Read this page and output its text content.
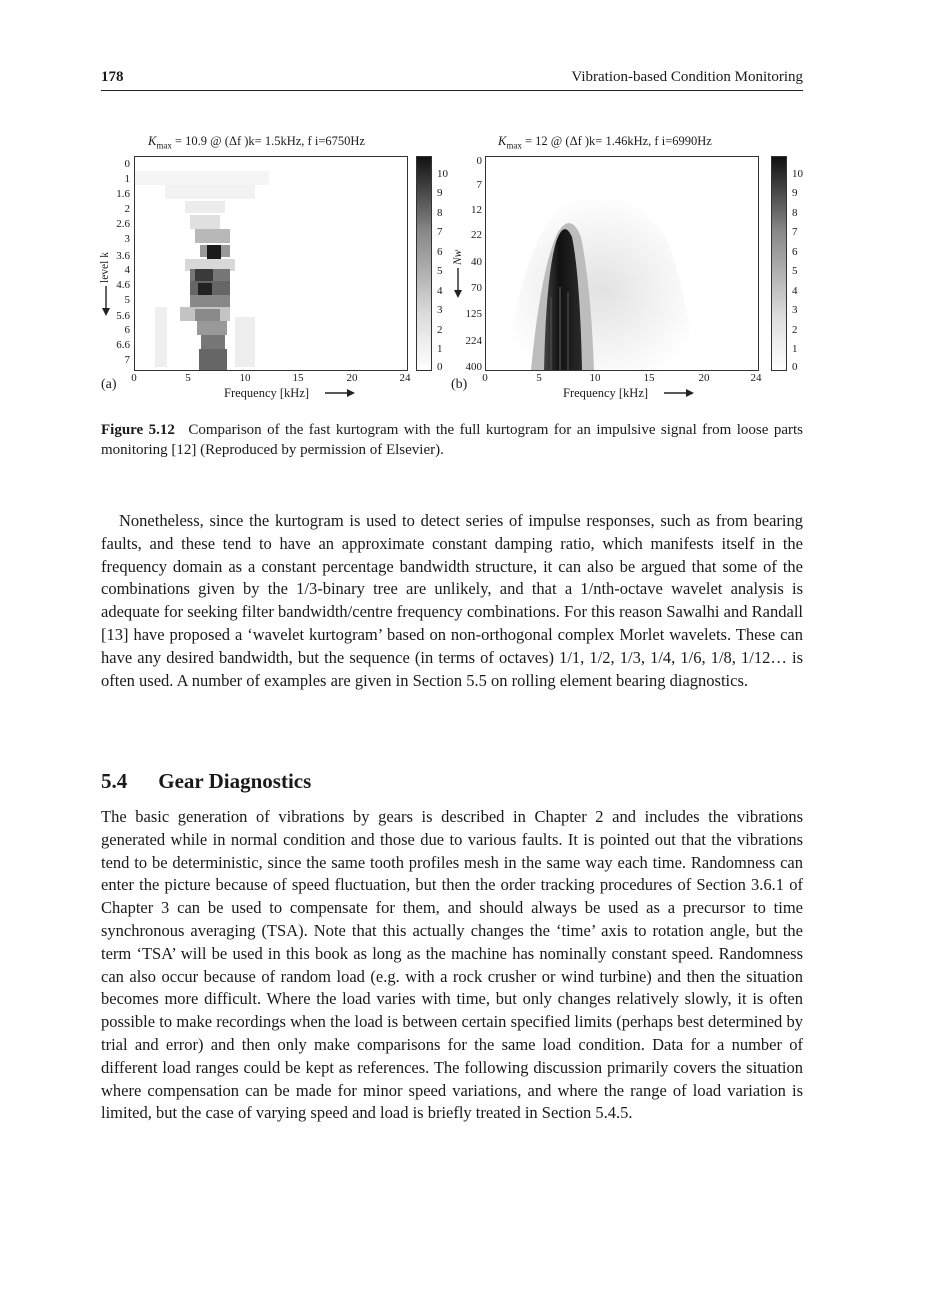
178	Vibration-based Condition Monitoring
$K_{max} = 10.9$ @ (Δf )k= 1.5kHz, f i=6750Hz
0
1
1.6
2
2.6
3
3.6
4
4.6
5
5.6
6
6.6
7
level k
0	5	10	15	20	24
Frequency [kHz]
(a)
10
9
8
7
6
5
4
3
2
1
0
$K_{max} = 12$ @ (Δf )k= 1.46kHz, f i=6990Hz
0
7
12
22
40
70
125
224
400
Nw
0	5	10	15	20	24
Frequency [kHz]
(b)
10
9
8
7
6
5
4
3
2
1
0
Figure 5.12 Comparison of the fast kurtogram with the full kurtogram for an impulsive signal from loose parts monitoring [12] (Reproduced by permission of Elsevier).
Nonetheless, since the kurtogram is used to detect series of impulse responses, such as from bearing faults, and these tend to have an approximate constant damping ratio, which manifests itself in the frequency domain as a constant percentage bandwidth structure, it can also be argued that some of the combinations given by the 1/3-binary tree are unlikely, and that a 1/nth-octave wavelet analysis is adequate for seeking filter bandwidth/centre frequency combinations. For this reason Sawalhi and Randall [13] have proposed a ‘wavelet kurtogram’ based on non-orthogonal complex Morlet wavelets. These can have any desired bandwidth, but the sequence (in terms of octaves) 1/1, 1/2, 1/3, 1/4, 1/6, 1/8, 1/12… is often used. A number of examples are given in Section 5.5 on rolling element bearing diagnostics.
5.4 Gear Diagnostics
The basic generation of vibrations by gears is described in Chapter 2 and includes the vibrations generated while in normal condition and those due to various faults. It is pointed out that the vibrations tend to be deterministic, since the same tooth profiles mesh in the same way each time. Randomness can enter the picture because of speed fluctuation, but then the order tracking procedures of Section 3.6.1 of Chapter 3 can be used to compensate for them, and should always be used as a precursor to time synchronous averaging (TSA). Note that this actually changes the ‘time’ axis to rotation angle, but the term ‘TSA’ will be used in this book as long as the machine has nominally constant speed. Randomness can also occur because of random load (e.g. with a rock crusher or wind turbine) and then the situation becomes more difficult. Where the load varies with time, but only changes relatively slowly, it is often possible to make recordings when the load is between certain specified limits (perhaps best determined by trial and error) and then only make comparisons for the same load condition. Data for a number of different load ranges could be kept as references. The following discussion primarily covers the situation where compensation can be made for minor speed variations, and where the range of load variation is limited, but the case of varying speed and load is briefly treated in Section 5.4.5.
